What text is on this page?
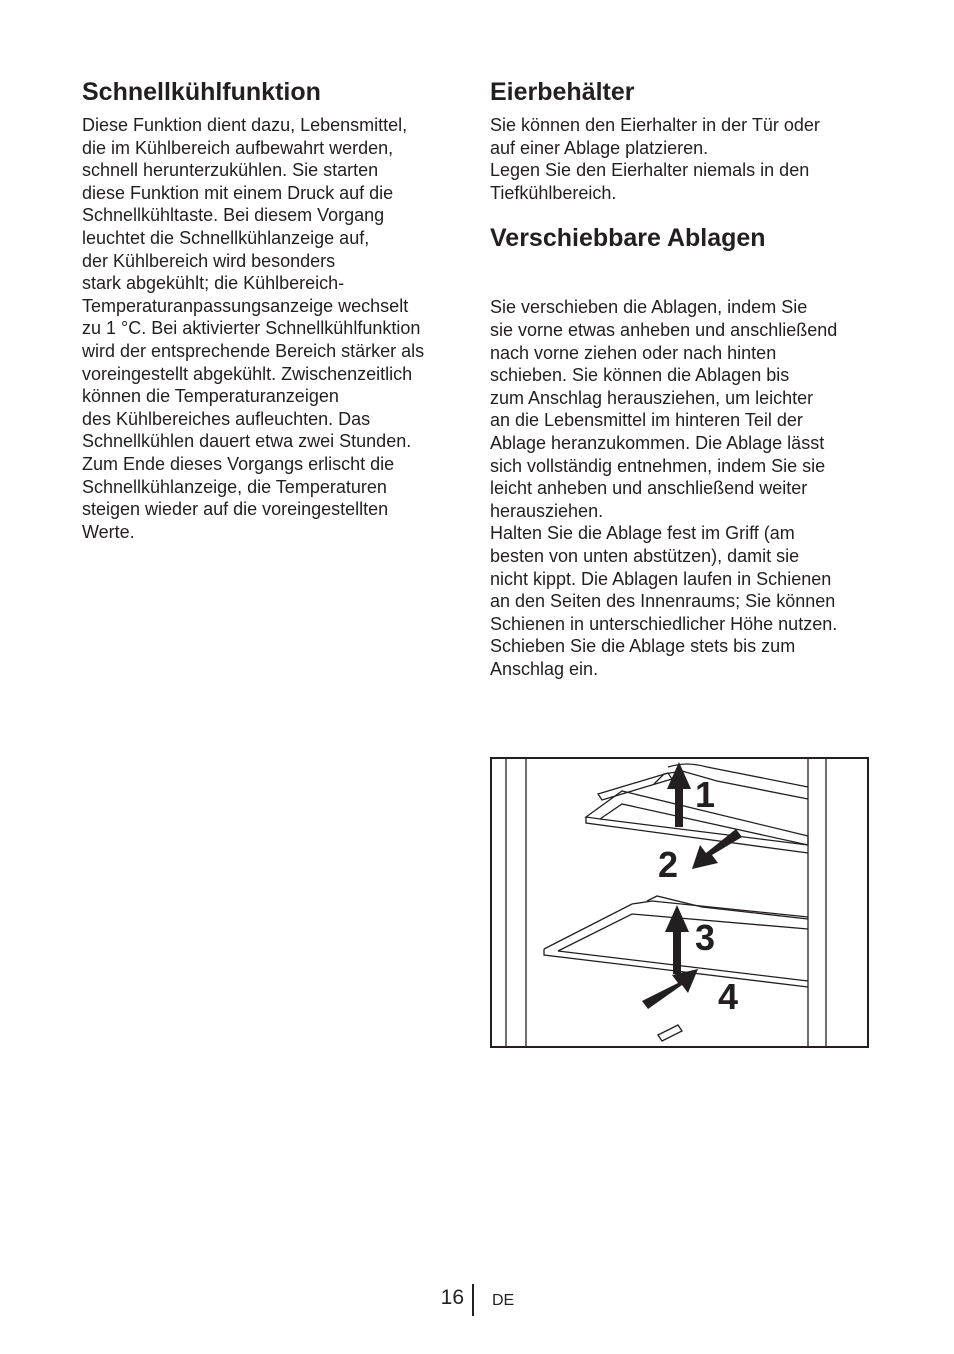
Schnellkühlfunktion

Diese Funktion dient dazu, Lebensmittel,
die im Kühlbereich aufbewahrt werden,
schnell herunterzukühlen. Sie starten
diese Funktion mit einem Druck auf die
Schnellkühltaste. Bei diesem Vorgang
leuchtet die Schnellkühlanzeige auf,
der Kühlbereich wird besonders
stark abgekühlt; die Kühlbereich-
Temperaturanpassungsanzeige wechselt
zu 1 °C. Bei aktivierter Schnellkühlfunktion
wird der entsprechende Bereich stärker als
voreingestellt abgekühlt. Zwischenzeitlich
können die Temperaturanzeigen
des Kühlbereiches aufleuchten. Das
Schnellkühlen dauert etwa zwei Stunden.
Zum Ende dieses Vorgangs erlischt die
Schnellkühlanzeige, die Temperaturen
steigen wieder auf die voreingestellten
Werte.

Eierbehälter

Sie können den Eierhalter in der Tür oder
auf einer Ablage platzieren.

Legen Sie den Eierhalter niemals in den
Tiefkühlbereich.

Verschiebbare Ablagen

Sie verschieben die Ablagen, indem Sie
sie vorne etwas anheben und anschließend
nach vorne ziehen oder nach hinten
schieben. Sie können die Ablagen bis
zum Anschlag herausziehen, um leichter
an die Lebensmittel im hinteren Teil der
Ablage heranzukommen. Die Ablage lässt
sich vollständig entnehmen, indem Sie sie
leicht anheben und anschließend weiter
herausziehen.

Halten Sie die Ablage fest im Griff (am
besten von unten abstützen), damit sie
nicht kippt. Die Ablagen laufen in Schienen
an den Seiten des Innenraums; Sie können
Schienen in unterschiedlicher Höhe nutzen.

Schieben Sie die Ablage stets bis zum
Anschlag ein.

1
2
3
4
16 DE
